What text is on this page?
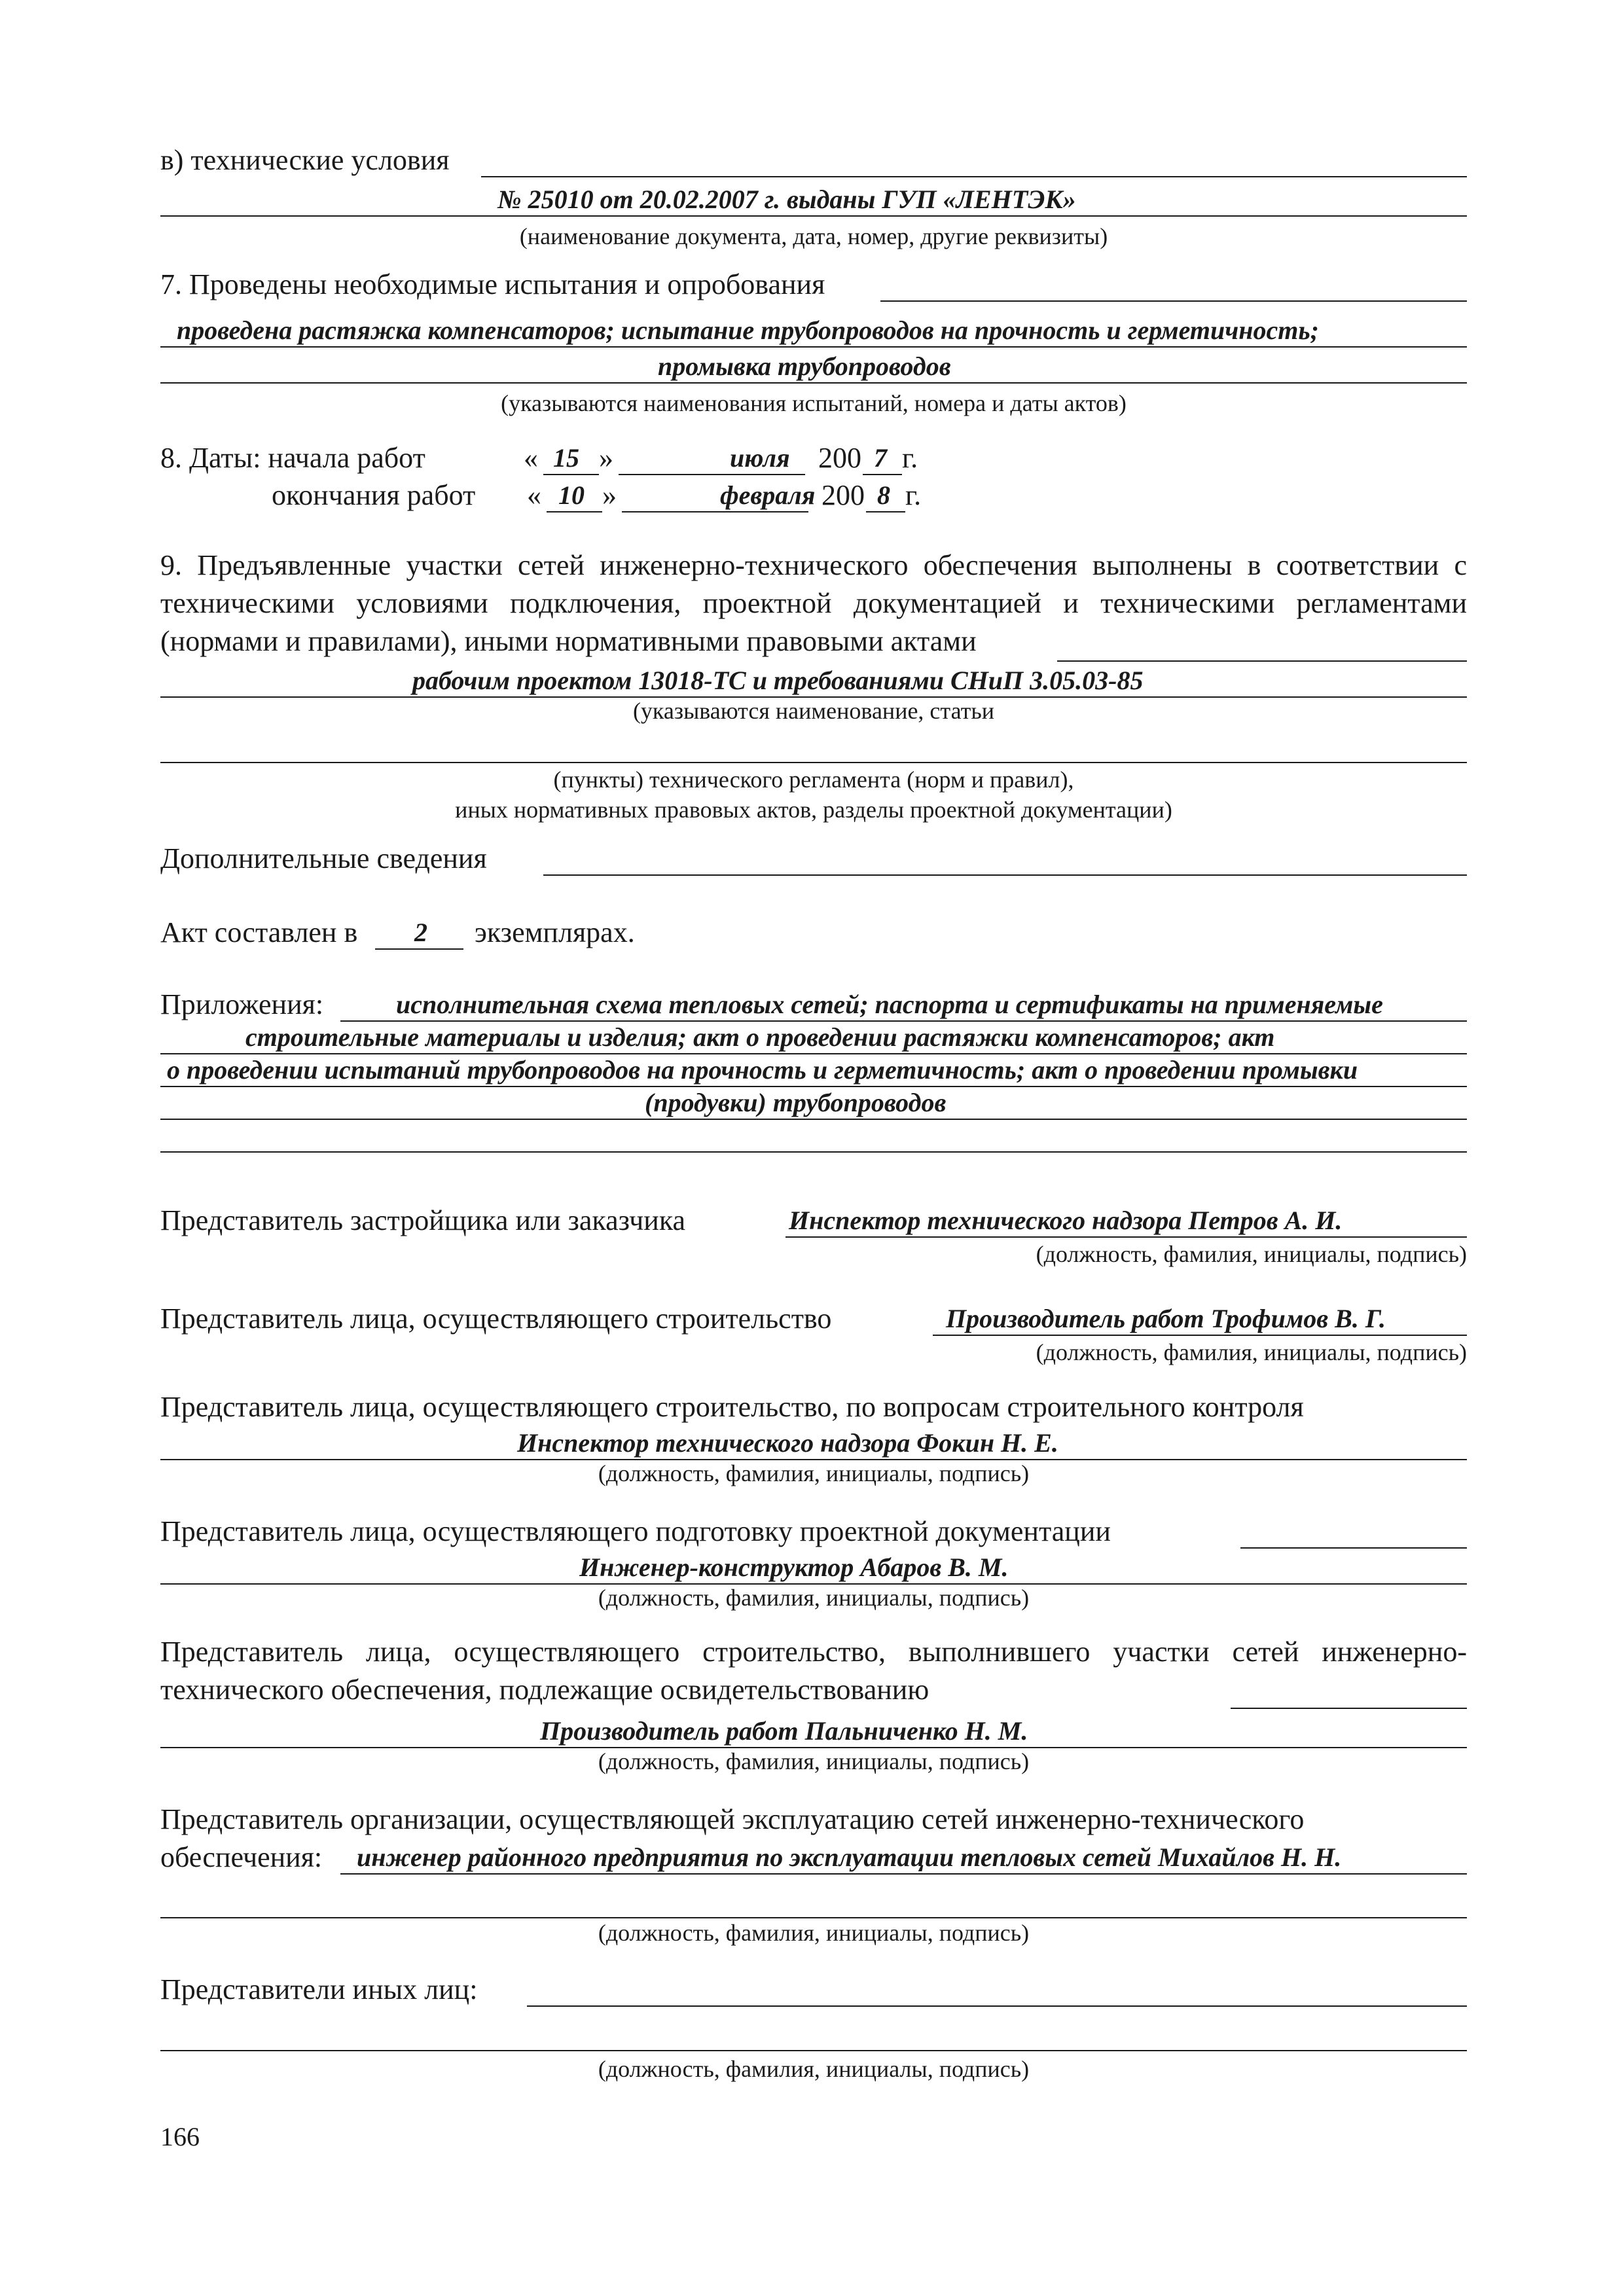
в) технические условия
№ 25010 от 20.02.2007 г. выданы ГУП «ЛЕНТЭК»
(наименование документа, дата, номер, другие реквизиты)
7. Проведены необходимые испытания и опробования
проведена растяжка компенсаторов; испытание трубопроводов на прочность и герметичность;
промывка трубопроводов
(указываются наименования испытаний, номера и даты актов)
8. Даты: начала работ	« 15 »	июля 200 7 г.
окончания работ « 10 »	февраля 200 8 г.
9. Предъявленные участки сетей инженерно-технического обеспечения выполнены в соответствии с техническими условиями подключения, проектной документацией и техническими регламентами (нормами и правилами), иными нормативными правовыми актами
рабочим проектом 13018-ТС и требованиями СНиП 3.05.03-85
(указываются наименование, статьи
(пункты) технического регламента (норм и правил),
иных нормативных правовых актов, разделы проектной документации)
Дополнительные сведения
Акт составлен в 2 экземплярах.
Приложения:	исполнительная схема тепловых сетей; паспорта и сертификаты на применяемые
строительные материалы и изделия; акт о проведении растяжки компенсаторов; акт
о проведении испытаний трубопроводов на прочность и герметичность; акт о проведении промывки
(продувки) трубопроводов
Представитель застройщика или заказчика	Инспектор технического надзора Петров А. И.
(должность, фамилия, инициалы, подпись)
Представитель лица, осуществляющего строительство	Производитель работ Трофимов В. Г.
(должность, фамилия, инициалы, подпись)
Представитель лица, осуществляющего строительство, по вопросам строительного контроля
Инспектор технического надзора Фокин Н. Е.
(должность, фамилия, инициалы, подпись)
Представитель лица, осуществляющего подготовку проектной документации
Инженер-конструктор Абаров В. М.
(должность, фамилия, инициалы, подпись)
Представитель лица, осуществляющего строительство, выполнившего участки сетей инженерно-технического обеспечения, подлежащие освидетельствованию
Производитель работ Пальниченко Н. М.
(должность, фамилия, инициалы, подпись)
Представитель организации, осуществляющей эксплуатацию сетей инженерно-технического
обеспечения: инженер районного предприятия по эксплуатации тепловых сетей Михайлов Н. Н.
(должность, фамилия, инициалы, подпись)
Представители иных лиц:
(должность, фамилия, инициалы, подпись)
166
